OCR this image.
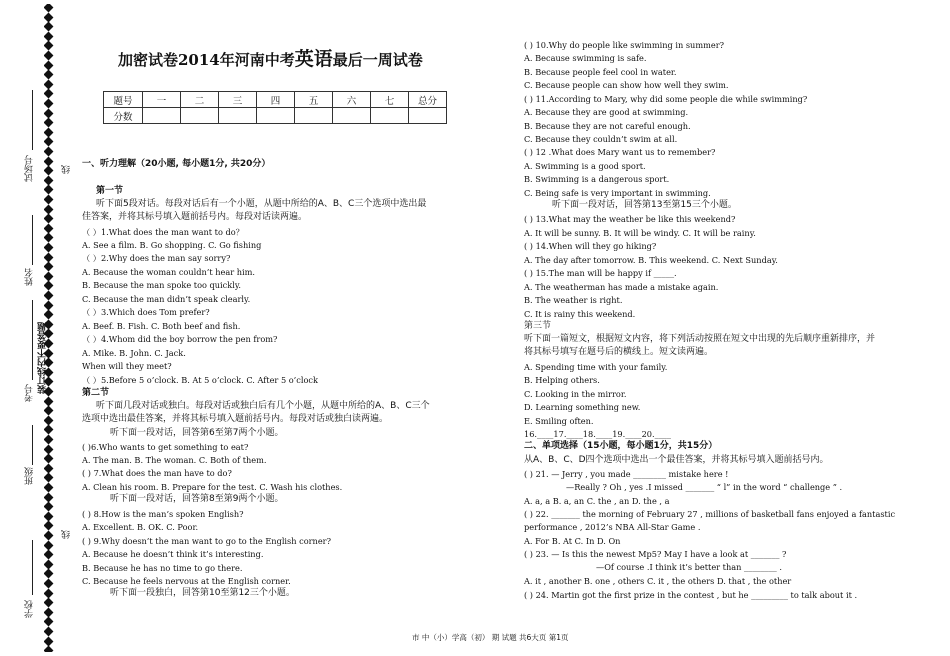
试场号
姓名
考号
班级
学校
装订线内不要答题
线
线
加密试卷2014年河南中考英语最后一周试卷
题号	一	二	三	四	五	六	七	总分
分数								
一、听力理解（20小题, 每小题1分, 共20分）
第一节
听下面5段对话。每段对话后有一个小题，从题中所给的A、B、C三个选项中选出最
佳答案，并将其标号填入题前括号内。每段对话读两遍。
（ ）1.What does the man want to do？
A. See a film. B. Go shopping. C. Go fishing
（ ）2.Why does the man say sorry?
A. Because the woman couldn’t hear him.
B. Because the man spoke too quickly.
C. Because the man didn’t speak clearly.
（ ）3.Which does Tom prefer?
A. Beef. B. Fish. C. Both beef and fish.
（ ）4.Whom did the boy borrow the pen from?
A. Mike. B. John. C. Jack.
When will they meet?
（ ）5.Before 5 o’clock. B. At 5 o’clock. C. After 5 o’clock
第二节
听下面几段对话或独白。每段对话或独白后有几个小题，从题中所给的A、B、C三个
选项中选出最佳答案，并将其标号填入题前括号内。每段对话或独白读两遍。
听下面一段对话，回答第6至第7两个小题。
( )6.Who wants to get something to eat?
A. The man. B. The woman. C. Both of them.
( ) 7.What does the man have to do?
A. Clean his room. B. Prepare for the test. C. Wash his clothes.
听下面一段对话，回答第8至第9两个小题。
( ) 8.How is the man’s spoken English?
A. Excellent. B. OK. C. Poor.
( ) 9.Why doesn’t the man want to go to the English corner?
A. Because he doesn’t think it’s interesting.
B. Because he has no time to go there.
C. Because he feels nervous at the English corner.
听下面一段独白，回答第10至第12三个小题。
( ) 10.Why do people like swimming in summer?
A. Because swimming is safe.
B. Because people feel cool in water.
C. Because people can show how well they swim.
( ) 11.According to Mary, why did some people die while swimming?
A. Because they are good at swimming.
B. Because they are not careful enough.
C. Because they couldn’t swim at all.
( ) 12 .What does Mary want us to remember?
A. Swimming is a good sport.
B. Swimming is a dangerous sport.
C. Being safe is very important in swimming.
听下面一段对话，回答第13至第15三个小题。
( ) 13.What may the weather be like this weekend?
A. It will be sunny. B. It will be windy. C. It will be rainy.
( ) 14.When will they go hiking?
A. The day after tomorrow. B. This weekend. C. Next Sunday.
( ) 15.The man will be happy if _____.
A. The weatherman has made a mistake again.
B. The weather is right.
C. It is rainy this weekend.
第三节
听下面一篇短文，根据短文内容，将下列活动按照在短文中出现的先后顺序重新排序，并
将其标号填写在题号后的横线上。短文读两遍。
A. Spending time with your family.
B. Helping others.
C. Looking in the mirror.
D. Learning something new.
E. Smiling often.
16.____17.____18.____19.____20.____
二、单项选择（15小题，每小题1分，共15分）
从A、B、C、D四个选项中选出一个最佳答案，并将其标号填入题前括号内。
( ) 21. — Jerry , you made ________ mistake here !
—Really ? Oh , yes .I missed _______ “ l” in the word “ challenge ” .
A. a, a B. a, an C. the , an D. the , a
( ) 22. _______ the morning of February 27 , millions of basketball fans enjoyed a fantastic
performance , 2012’s NBA All-Star Game .
A. For B. At C. In D. On
( ) 23. — Is this the newest Mp5? May I have a look at _______ ?
—Of course .I think it’s better than ________ .
A. it , another B. one , others C. it , the others D. that , the other
( ) 24. Martin got the first prize in the contest , but he _________ to talk about it .
市 中（小）学高（初） 期 试题 共6大页 第1页
